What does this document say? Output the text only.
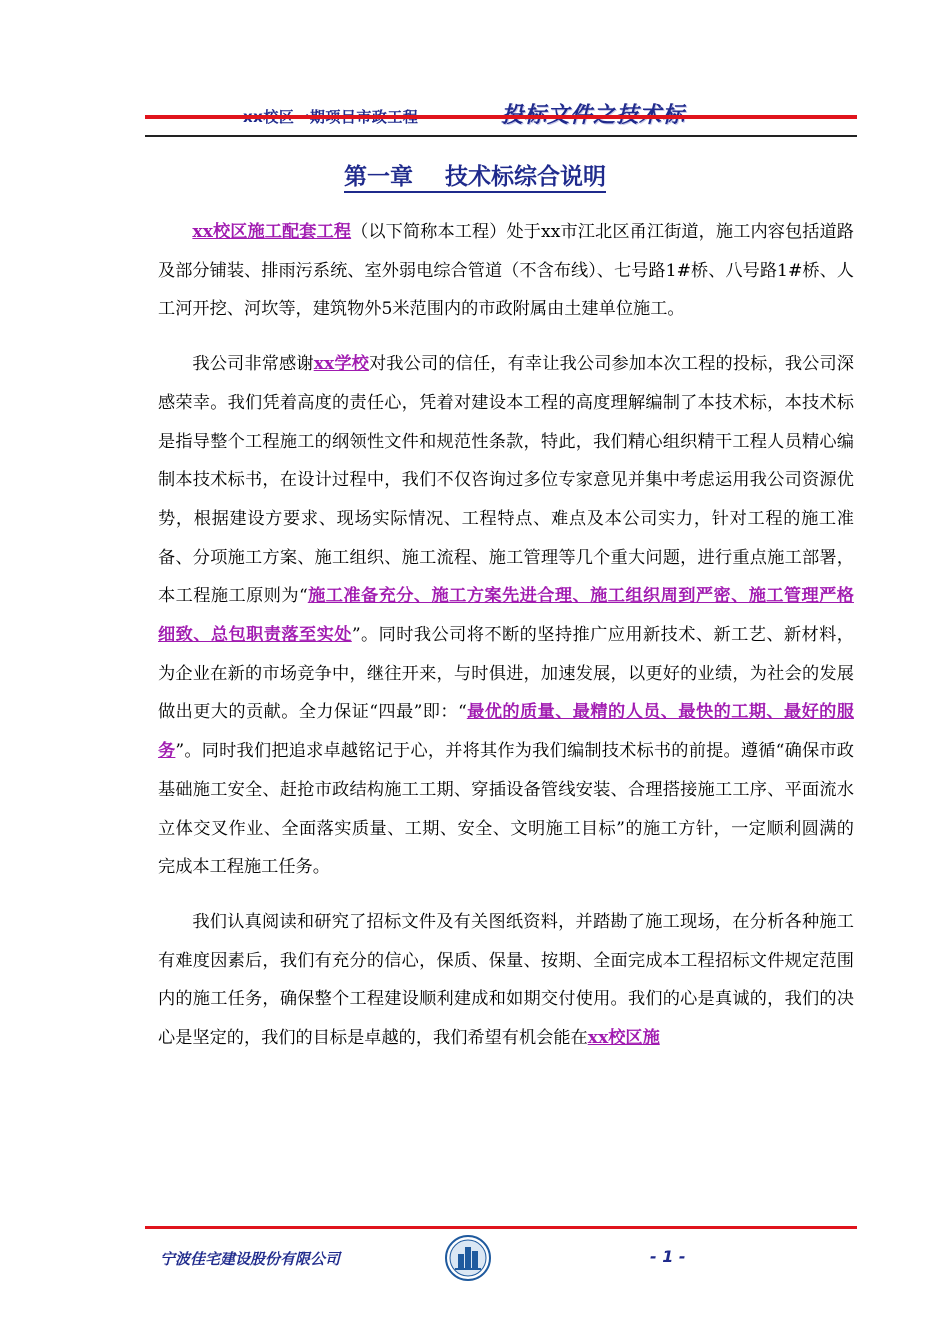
第一章    技术标综合说明

xx校区施工配套工程（以下简称本工程）处于xx市江北区甬江街道，施工内容包括道路及部分铺装、排雨污系统、室外弱电综合管道（不含布线）、七号路1#桥、八号路1#桥、人工河开挖、河坎等，建筑物外5米范围内的市政附属由土建单位施工。

我公司非常感谢xx学校对我公司的信任，有幸让我公司参加本次工程的投标，我公司深感荣幸。我们凭着高度的责任心，凭着对建设本工程的高度理解编制了本技术标，本技术标是指导整个工程施工的纲领性文件和规范性条款，特此，我们精心组织精干工程人员精心编制本技术标书，在设计过程中，我们不仅咨询过多位专家意见并集中考虑运用我公司资源优势，根据建设方要求、现场实际情况、工程特点、难点及本公司实力，针对工程的施工准备、分项施工方案、施工组织、施工流程、施工管理等几个重大问题，进行重点施工部署，本工程施工原则为“施工准备充分、施工方案先进合理、施工组织周到严密、施工管理严格细致、总包职责落至实处”。同时我公司将不断的坚持推广应用新技术、新工艺、新材料，为企业在新的市场竞争中，继往开来，与时俱进，加速发展，以更好的业绩，为社会的发展做出更大的贡献。全力保证“四最”即：“最优的质量、最精的人员、最快的工期、最好的服务”。同时我们把追求卓越铭记于心，并将其作为我们编制技术标书的前提。遵循“确保市政基础施工安全、赶抢市政结构施工工期、穿插设备管线安装、合理搭接施工工序、平面流水立体交叉作业、全面落实质量、工期、安全、文明施工目标”的施工方针，一定顺利圆满的完成本工程施工任务。

我们认真阅读和研究了招标文件及有关图纸资料，并踏勘了施工现场，在分析各种施工有难度因素后，我们有充分的信心，保质、保量、按期、全面完成本工程招标文件规定范围内的施工任务，确保整个工程建设顺利建成和如期交付使用。我们的心是真诚的，我们的决心是坚定的，我们的目标是卓越的，我们希望有机会能在xx校区施

宁波佳宅建设股份有限公司	- 1 -
